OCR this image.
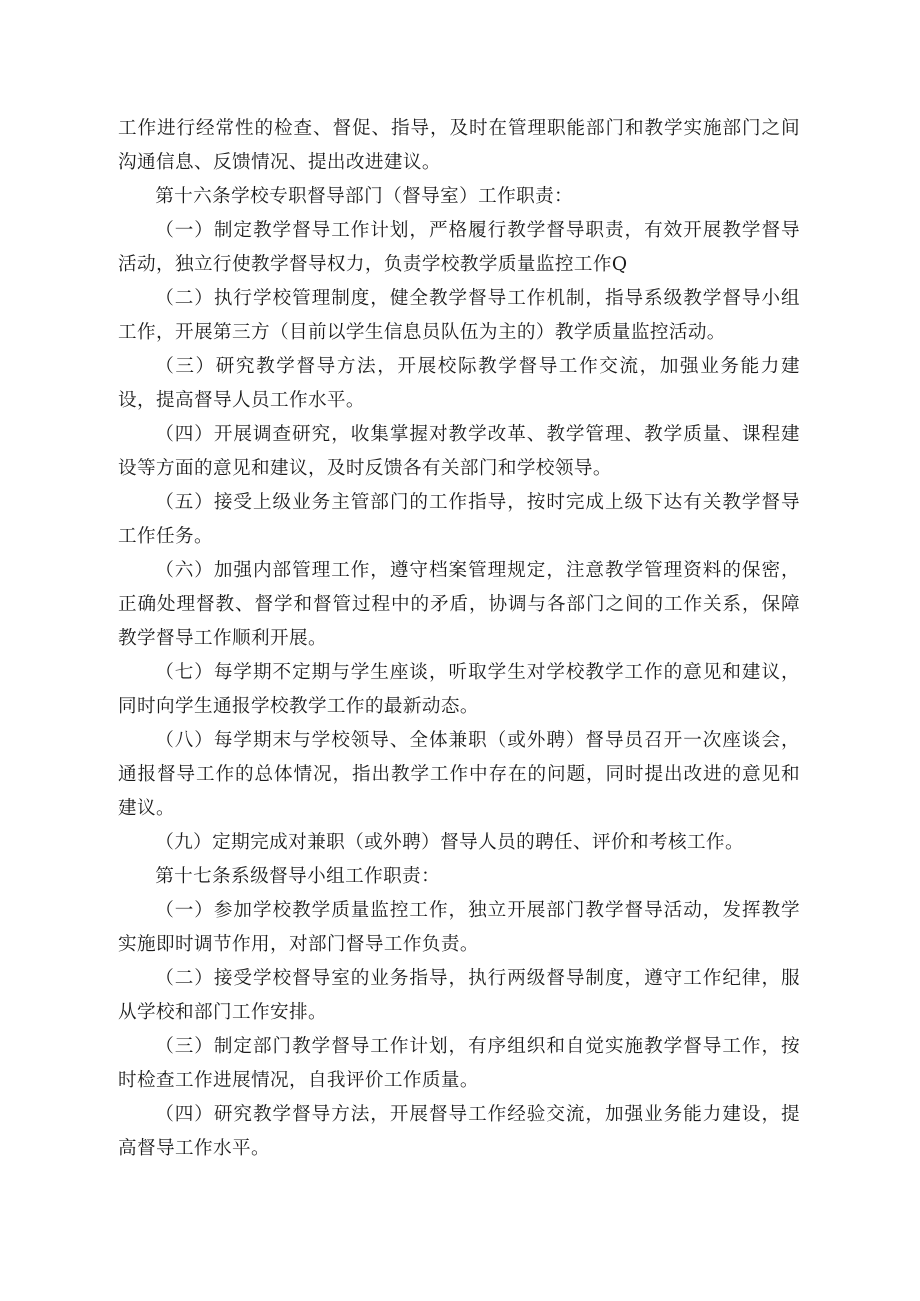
工作进行经常性的检查、督促、指导，及时在管理职能部门和教学实施部门之间沟通信息、反馈情况、提出改进建议。

第十六条学校专职督导部门（督导室）工作职责：

（一）制定教学督导工作计划，严格履行教学督导职责，有效开展教学督导活动，独立行使教学督导权力，负责学校教学质量监控工作Q

（二）执行学校管理制度，健全教学督导工作机制，指导系级教学督导小组工作，开展第三方（目前以学生信息员队伍为主的）教学质量监控活动。

（三）研究教学督导方法，开展校际教学督导工作交流，加强业务能力建设，提高督导人员工作水平。

（四）开展调查研究，收集掌握对教学改革、教学管理、教学质量、课程建设等方面的意见和建议，及时反馈各有关部门和学校领导。

（五）接受上级业务主管部门的工作指导，按时完成上级下达有关教学督导工作任务。

（六）加强内部管理工作，遵守档案管理规定，注意教学管理资料的保密，正确处理督教、督学和督管过程中的矛盾，协调与各部门之间的工作关系，保障教学督导工作顺利开展。

（七）每学期不定期与学生座谈，听取学生对学校教学工作的意见和建议，同时向学生通报学校教学工作的最新动态。

（八）每学期末与学校领导、全体兼职（或外聘）督导员召开一次座谈会，通报督导工作的总体情况，指出教学工作中存在的问题，同时提出改进的意见和建议。

（九）定期完成对兼职（或外聘）督导人员的聘任、评价和考核工作。

第十七条系级督导小组工作职责：

（一）参加学校教学质量监控工作，独立开展部门教学督导活动，发挥教学实施即时调节作用，对部门督导工作负责。

（二）接受学校督导室的业务指导，执行两级督导制度，遵守工作纪律，服从学校和部门工作安排。

（三）制定部门教学督导工作计划，有序组织和自觉实施教学督导工作，按时检查工作进展情况，自我评价工作质量。

（四）研究教学督导方法，开展督导工作经验交流，加强业务能力建设，提高督导工作水平。
